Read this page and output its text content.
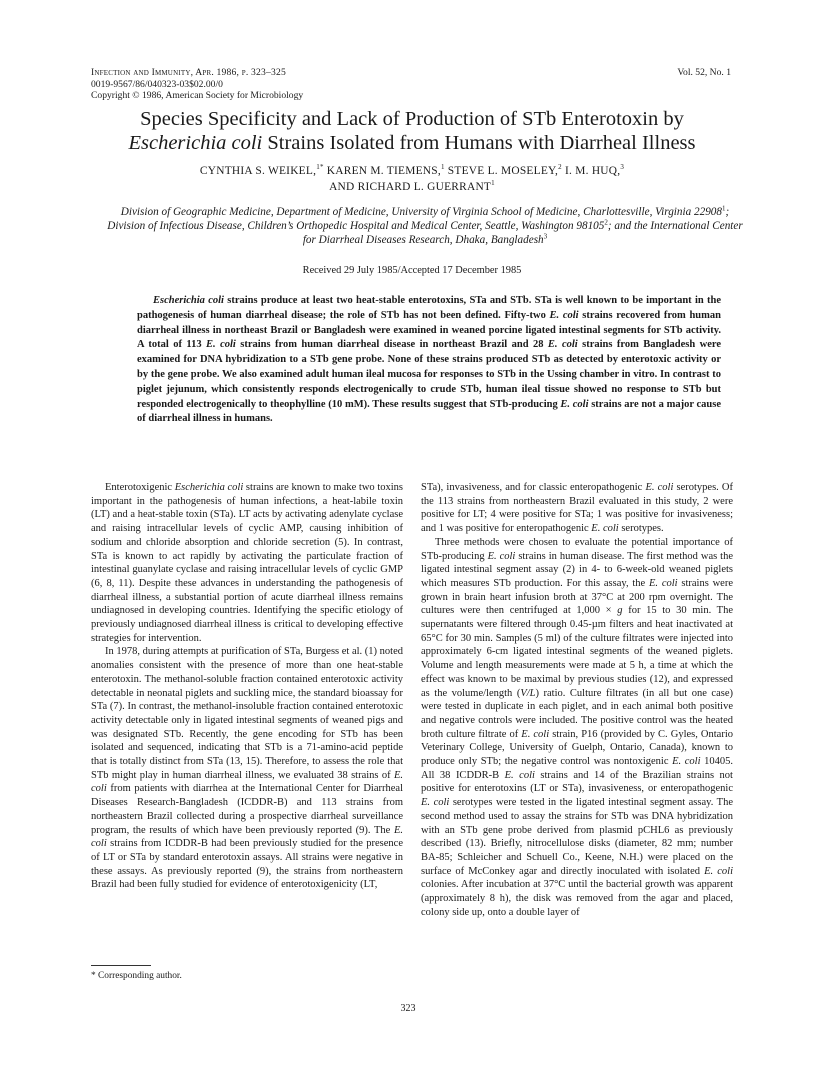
Infection and Immunity, Apr. 1986, p. 323–325	Vol. 52, No. 1
0019-9567/86/040323-03$02.00/0
Copyright © 1986, American Society for Microbiology
Species Specificity and Lack of Production of STb Enterotoxin by
Escherichia coli Strains Isolated from Humans with Diarrheal Illness
CYNTHIA S. WEIKEL,$^{1*}$ KAREN M. TIEMENS,$^1$ STEVE L. MOSELEY,$^2$ I. M. HUQ,$^3$
AND RICHARD L. GUERRANT$^1$
Division of Geographic Medicine, Department of Medicine, University of Virginia School of Medicine, Charlottesville, Virginia 22908$^1$; Division of Infectious Disease, Children’s Orthopedic Hospital and Medical Center, Seattle, Washington 98105$^2$; and the International Center for Diarrheal Diseases Research, Dhaka, Bangladesh$^3$
Received 29 July 1985/Accepted 17 December 1985

Escherichia coli strains produce at least two heat-stable enterotoxins, STa and STb. STa is well known to be important in the pathogenesis of human diarrheal disease; the role of STb has not been defined. Fifty-two E. coli strains recovered from human diarrheal illness in northeast Brazil or Bangladesh were examined in weaned porcine ligated intestinal segments for STb activity. A total of 113 E. coli strains from human diarrheal disease in northeast Brazil and 28 E. coli strains from Bangladesh were examined for DNA hybridization to a STb gene probe. None of these strains produced STb as detected by enterotoxic activity or by the gene probe. We also examined adult human ileal mucosa for responses to STb in the Ussing chamber in vitro. In contrast to piglet jejunum, which consistently responds electrogenically to crude STb, human ileal tissue showed no response to STb but responded electrogenically to theophylline (10 mM). These results suggest that STb-producing E. coli strains are not a major cause of diarrheal illness in humans.

Enterotoxigenic Escherichia coli strains are known to make two toxins important in the pathogenesis of human infections, a heat-labile toxin (LT) and a heat-stable toxin (STa). LT acts by activating adenylate cyclase and raising intracellular levels of cyclic AMP, causing inhibition of sodium and chloride absorption and chloride secretion (5). In contrast, STa is known to act rapidly by activating the particulate fraction of intestinal guanylate cyclase and raising intracellular levels of cyclic GMP (6, 8, 11). Despite these advances in understanding the pathogenesis of diarrheal illness, a substantial portion of acute diarrheal illness remains undiagnosed in developing countries. Identifying the specific etiology of previously undiagnosed diarrheal illness is critical to developing effective strategies for intervention.

In 1978, during attempts at purification of STa, Burgess et al. (1) noted anomalies consistent with the presence of more than one heat-stable enterotoxin. The methanol-soluble fraction contained enterotoxic activity detectable in neonatal piglets and suckling mice, the standard bioassay for STa (7). In contrast, the methanol-insoluble fraction contained enterotoxic activity detectable only in ligated intestinal segments of weaned pigs and was designated STb. Recently, the gene encoding for STb has been isolated and sequenced, indicating that STb is a 71-amino-acid peptide that is totally distinct from STa (13, 15). Therefore, to assess the role that STb might play in human diarrheal illness, we evaluated 38 strains of E. coli from patients with diarrhea at the International Center for Diarrheal Diseases Research-Bangladesh (ICDDR-B) and 113 strains from northeastern Brazil collected during a prospective diarrheal surveillance program, the results of which have been previously reported (9). The E. coli strains from ICDDR-B had been previously studied for the presence of LT or STa by standard enterotoxin assays. All strains were negative in these assays. As previously reported (9), the strains from northeastern Brazil had been fully studied for evidence of enterotoxigenicity (LT,

STa), invasiveness, and for classic enteropathogenic E. coli serotypes. Of the 113 strains from northeastern Brazil evaluated in this study, 2 were positive for LT; 4 were positive for STa; 1 was positive for invasiveness; and 1 was positive for enteropathogenic E. coli serotypes.

Three methods were chosen to evaluate the potential importance of STb-producing E. coli strains in human disease. The first method was the ligated intestinal segment assay (2) in 4- to 6-week-old weaned piglets which measures STb production. For this assay, the E. coli strains were grown in brain heart infusion broth at 37°C at 200 rpm overnight. The cultures were then centrifuged at 1,000 × g for 15 to 30 min. The supernatants were filtered through 0.45-µm filters and heat inactivated at 65°C for 30 min. Samples (5 ml) of the culture filtrates were injected into approximately 6-cm ligated intestinal segments of the weaned piglets. Volume and length measurements were made at 5 h, a time at which the effect was known to be maximal by previous studies (12), and expressed as the volume/length (V/L) ratio. Culture filtrates (in all but one case) were tested in duplicate in each piglet, and in each animal both positive and negative controls were included. The positive control was the heated broth culture filtrate of E. coli strain, P16 (provided by C. Gyles, Ontario Veterinary College, University of Guelph, Ontario, Canada), known to produce only STb; the negative control was nontoxigenic E. coli 10405. All 38 ICDDR-B E. coli strains and 14 of the Brazilian strains not positive for enterotoxins (LT or STa), invasiveness, or enteropathogenic E. coli serotypes were tested in the ligated intestinal segment assay. The second method used to assay the strains for STb was DNA hybridization with an STb gene probe derived from plasmid pCHL6 as previously described (13). Briefly, nitrocellulose disks (diameter, 82 mm; number BA-85; Schleicher and Schuell Co., Keene, N.H.) were placed on the surface of McConkey agar and directly inoculated with isolated E. coli colonies. After incubation at 37°C until the bacterial growth was apparent (approximately 8 h), the disk was removed from the agar and placed, colony side up, onto a double layer of

* Corresponding author.
323
